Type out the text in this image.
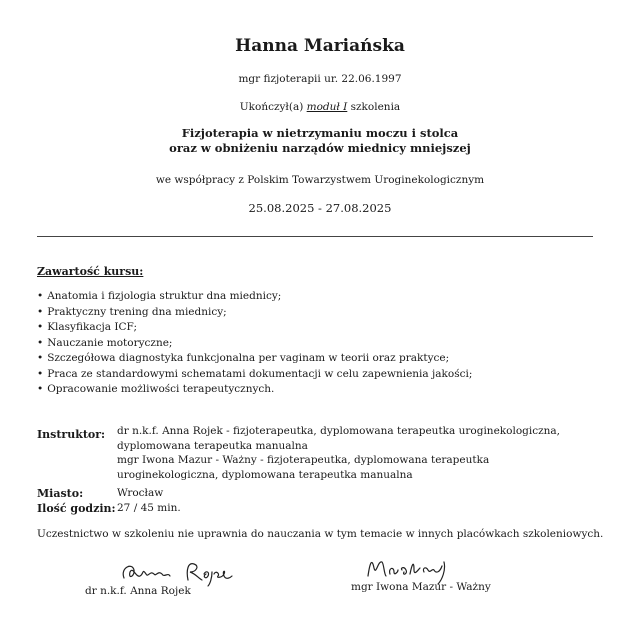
Hanna Mariańska
mgr fizjoterapii ur. 22.06.1997
Ukończył(a) moduł I szkolenia
Fizjoterapia w nietrzymaniu moczu i stolca
oraz w obniżeniu narządów miednicy mniejszej
we współpracy z Polskim Towarzystwem Uroginekologicznym
25.08.2025 - 27.08.2025
Zawartość kursu:
• Anatomia i fizjologia struktur dna miednicy;
• Praktyczny trening dna miednicy;
• Klasyfikacja ICF;
• Nauczanie motoryczne;
• Szczegółowa diagnostyka funkcjonalna per vaginam w teorii oraz praktyce;
• Praca ze standardowymi schematami dokumentacji w celu zapewnienia jakości;
• Opracowanie możliwości terapeutycznych.
Instruktor: dr n.k.f. Anna Rojek - fizjoterapeutka, dyplomowana terapeutka uroginekologiczna,
dyplomowana terapeutka manualna
mgr Iwona Mazur - Ważny - fizjoterapeutka, dyplomowana terapeutka
uroginekologiczna, dyplomowana terapeutka manualna
Miasto:	Wrocław
Ilość godzin: 27 / 45 min.
Uczestnictwo w szkoleniu nie uprawnia do nauczania w tym temacie w innych placówkach szkoleniowych.
dr n.k.f. Anna Rojek	mgr Iwona Mazur - Ważny
